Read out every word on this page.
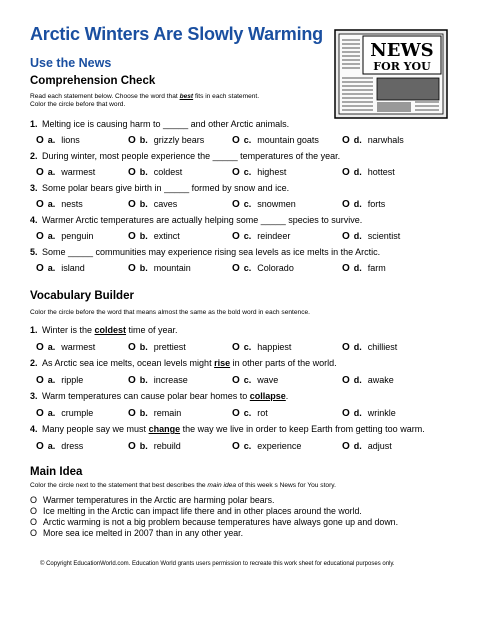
Arctic Winters Are Slowly Warming
Use the News
NEWS
FOR YOU
Comprehension Check
Read each statement below. Choose the word that best fits in each statement.
Color the circle before that word.
1. Melting ice is causing harm to _____ and other Arctic animals.
O a. lions	O b. grizzly bears	O c. mountain goats O d. narwhals
2. During winter, most people experience the _____ temperatures of the year.
O a. warmest	O b. coldest	O c. highest	O d. hottest
3. Some polar bears give birth in _____ formed by snow and ice.
O a. nests	O b. caves	O c. snowmen	O d. forts
4. Warmer Arctic temperatures are actually helping some _____ species to survive.
O a. penguin	O b. extinct	O c. reindeer	O d. scientist
5. Some _____ communities may experience rising sea levels as ice melts in the Arctic.
O a. island	O b. mountain	O c. Colorado	O d. farm
Vocabulary Builder
Color the circle before the word that means almost the same as the bold word in each sentence.
1. Winter is the coldest time of year.
O a. warmest	O b. prettiest	O c. happiest	O d. chilliest
2. As Arctic sea ice melts, ocean levels might rise in other parts of the world.
O a. ripple	O b. increase	O c. wave	O d. awake
3. Warm temperatures can cause polar bear homes to collapse.
O a. crumple	O b. remain	O c. rot	O d. wrinkle
4. Many people say we must change the way we live in order to keep Earth from getting too warm.
O a. dress	O b. rebuild	O c. experience	O d. adjust
Main Idea
Color the circle next to the statement that best describes the main idea of this week s News for You story.
O Warmer temperatures in the Arctic are harming polar bears.
O Ice melting in the Arctic can impact life there and in other places around the world.
O Arctic warming is not a big problem because temperatures have always gone up and down.
O More sea ice melted in 2007 than in any other year.
© Copyright EducationWorld.com. Education World grants users permission to recreate this work sheet for educational purposes only.
